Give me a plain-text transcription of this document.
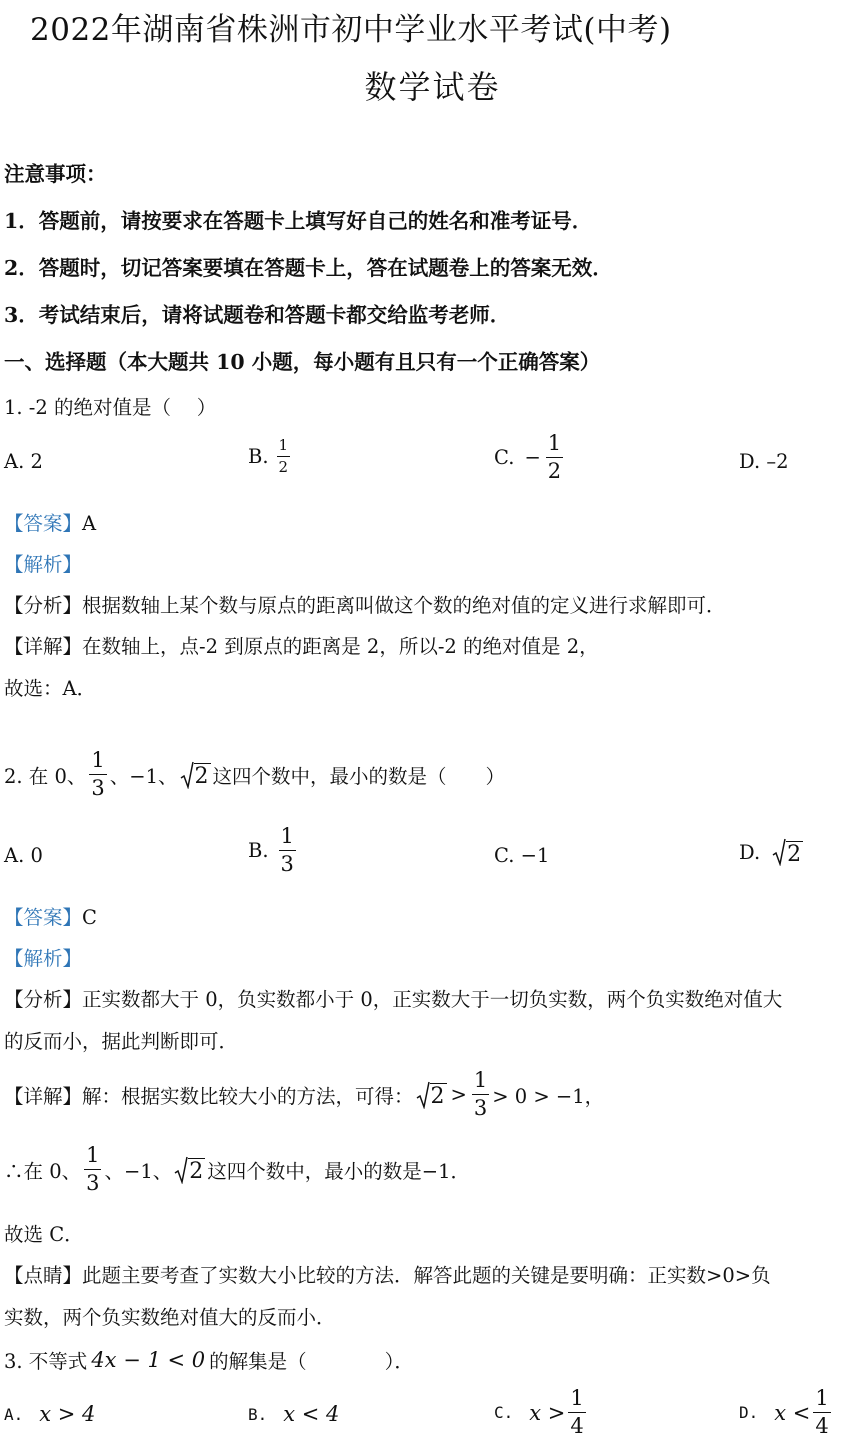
2022年湖南省株洲市初中学业水平考试(中考)
数学试卷
注意事项：
1．答题前，请按要求在答题卡上填写好自己的姓名和准考证号．
2．答题时，切记答案要填在答题卡上，答在试题卷上的答案无效．
3．考试结束后，请将试题卷和答题卡都交给监考老师．
一、选择题（本大题共 10 小题，每小题有且只有一个正确答案）
1. -2 的绝对值是（　 ）
A. 2	B. $\frac{1}{2}$	C. − $\frac{1}{2}$	D. –2
【答案】A
【解析】
【分析】根据数轴上某个数与原点的距离叫做这个数的绝对值的定义进行求解即可．
【详解】在数轴上，点-2 到原点的距离是 2，所以-2 的绝对值是 2，
故选：A．
2. 在 0、 $\frac{1}{3}$ 、−1、 2 这四个数中，最小的数是（　　）
A. 0	B. $\frac{1}{3}$	C. −1	D. 2
【答案】C
【解析】
【分析】正实数都大于 0，负实数都小于 0，正实数大于一切负实数，两个负实数绝对值大
的反而小，据此判断即可．
【详解】 解：根据实数比较大小的方法，可得： $2 > \frac{1}{3} > 0 > -1$，
∴在 0、 $\frac{1}{3}$ 、−1、 2 这四个数中，最小的数是−1．
故选 C．
【点睛】此题主要考查了实数大小比较的方法．解答此题的关键是要明确：正实数>0>负
实数，两个负实数绝对值大的反而小．
3. 不等式 4x − 1 < 0 的解集是（　　　　）．
A. x > 4	B. x < 4	C. $x > \frac{1}{4}$	D. $x < \frac{1}{4}$
